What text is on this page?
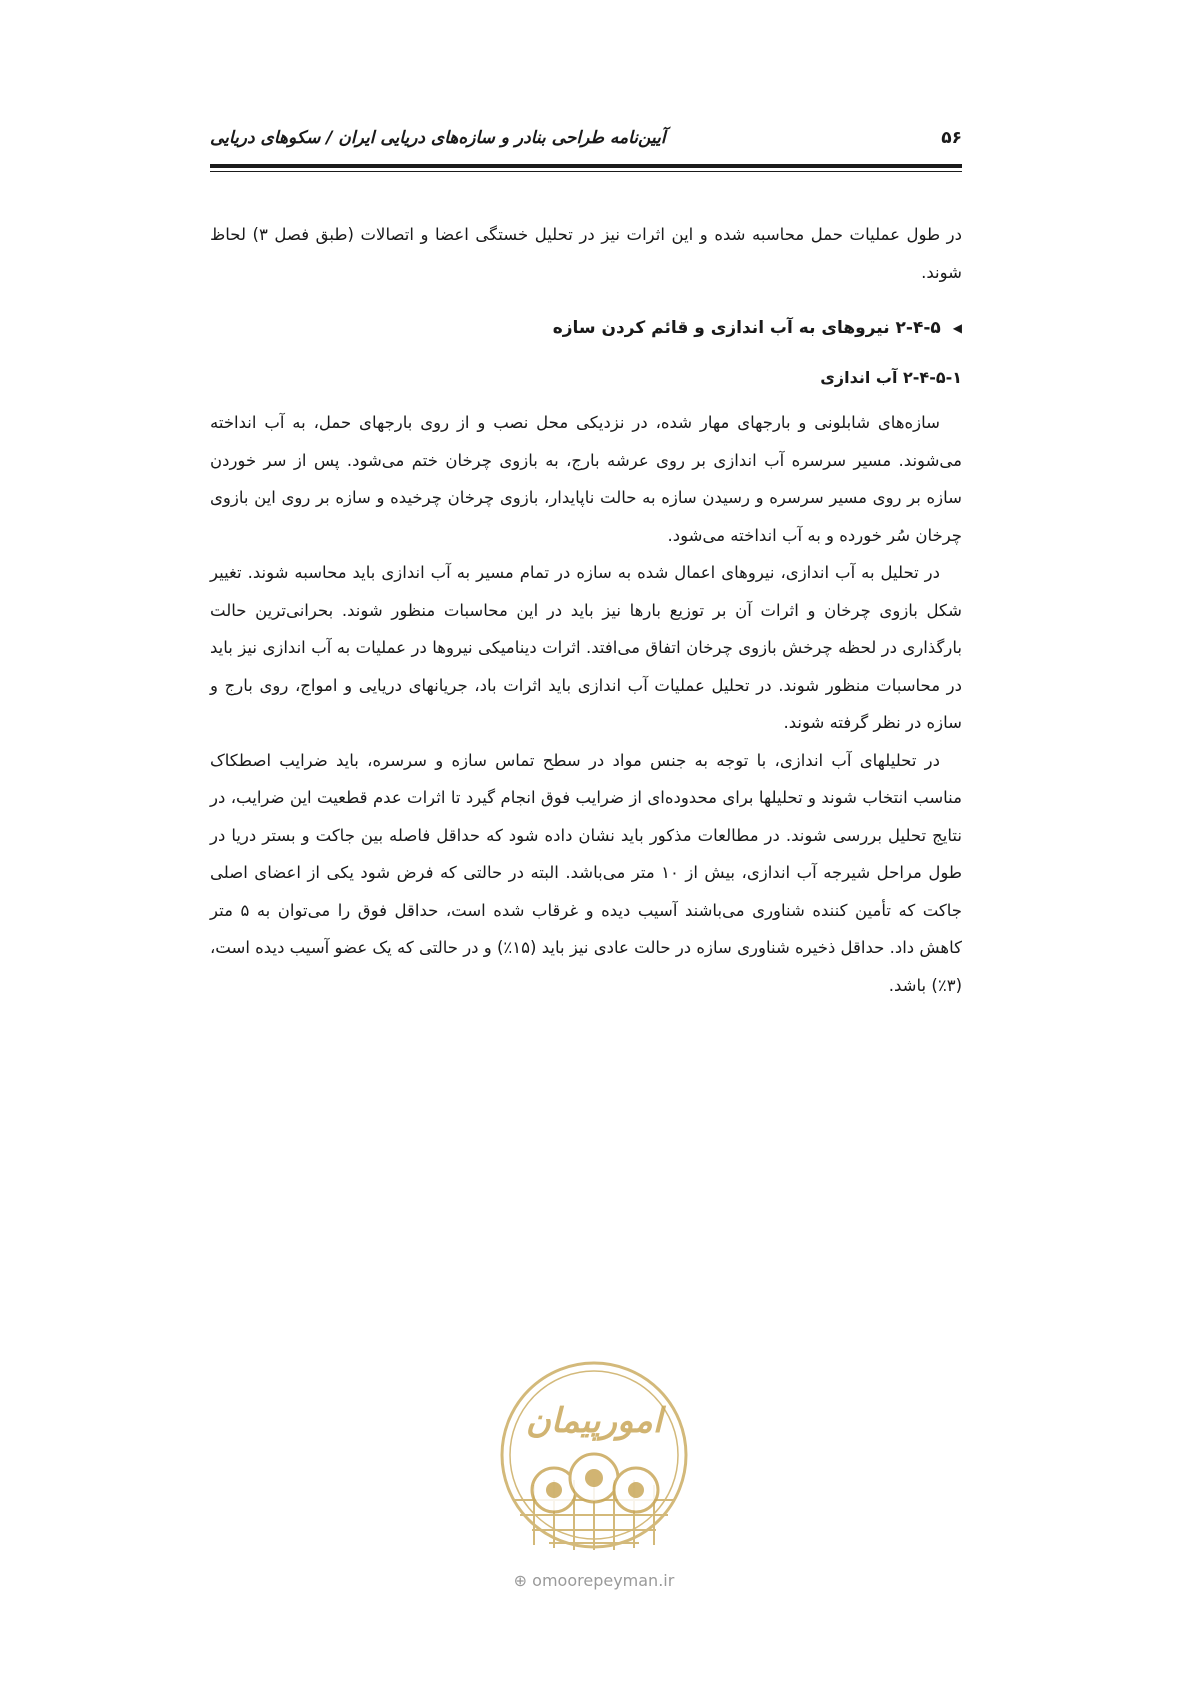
۵۶
آیین‌نامه طراحی بنادر و سازه‌های دریایی ایران / سکوهای دریایی

در طول عملیات حمل محاسبه شده و این اثرات نیز در تحلیل خستگی اعضا و اتصالات (طبق فصل ۳) لحاظ شوند.

◀
۲-۴-۵ نیروهای به آب اندازی و قائم کردن سازه
۲-۴-۵-۱ آب اندازی

سازه‌های شابلونی و بارجهای مهار شده، در نزدیکی محل نصب و از روی بارجهای حمل، به آب انداخته می‌شوند. مسیر سرسره آب اندازی بر روی عرشه بارج، به بازوی چرخان ختم می‌شود. پس از سر خوردن سازه بر روی مسیر سرسره و رسیدن سازه به حالت ناپایدار، بازوی چرخان چرخیده و سازه بر روی این بازوی چرخان سُر خورده و به آب انداخته می‌شود.

در تحلیل به آب اندازی، نیروهای اعمال شده به سازه در تمام مسیر به آب اندازی باید محاسبه شوند. تغییر شکل بازوی چرخان و اثرات آن بر توزیع بارها نیز باید در این محاسبات منظور شوند. بحرانی‌ترین حالت بارگذاری در لحظه چرخش بازوی چرخان اتفاق می‌افتد. اثرات دینامیکی نیروها در عملیات به آب اندازی نیز باید در محاسبات منظور شوند. در تحلیل عملیات آب اندازی باید اثرات باد، جریانهای دریایی و امواج، روی بارج و سازه در نظر گرفته شوند.

در تحلیلهای آب اندازی، با توجه به جنس مواد در سطح تماس سازه و سرسره، باید ضرایب اصطکاک مناسب انتخاب شوند و تحلیلها برای محدوده‌ای از ضرایب فوق انجام گیرد تا اثرات عدم قطعیت این ضرایب، در نتایج تحلیل بررسی شوند. در مطالعات مذکور باید نشان داده شود که حداقل فاصله بین جاکت و بستر دریا در طول مراحل شیرجه آب اندازی، بیش از ۱۰ متر می‌باشد. البته در حالتی که فرض شود یکی از اعضای اصلی جاکت که تأمین کننده شناوری می‌باشند آسیب دیده و غرقاب شده است، حداقل فوق را می‌توان به ۵ متر کاهش داد. حداقل ذخیره شناوری سازه در حالت عادی نیز باید (۱۵٪) و در حالتی که یک عضو آسیب دیده است، (۳٪) باشد.

امورپیمان
⊕ omoorepeyman.ir
